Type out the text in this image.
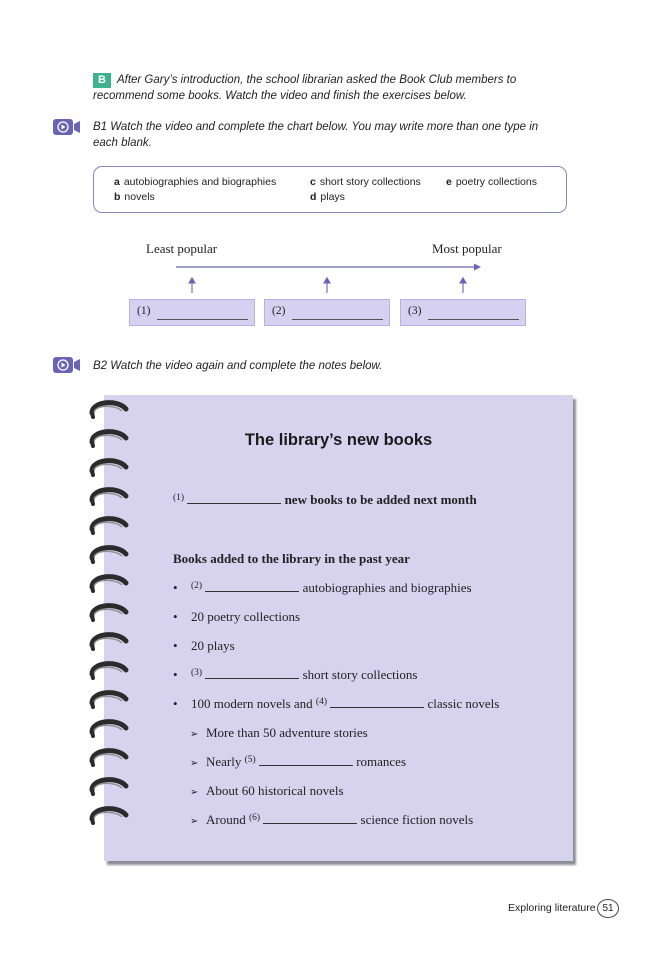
B After Gary’s introduction, the school librarian asked the Book Club members to
recommend some books. Watch the video and finish the exercises below.
B1 Watch the video and complete the chart below. You may write more than one type in
each blank.
a autobiographies and biographies
b novels
c short story collections
d plays
e poetry collections
Least popular	Most popular
(1)	(2)	(3)
B2 Watch the video again and complete the notes below.
The library’s new books
$^{(1)}$	new books to be added next month
Books added to the library in the past year
• $^{(2)}$	autobiographies and biographies
• 20 poetry collections
• 20 plays
• $^{(3)}$	short story collections
• 100 modern novels and $^{(4)}$	classic novels
➢ More than 50 adventure stories
➢ Nearly $^{(5)}$	romances
➢ About 60 historical novels
➢ Around $^{(6)}$	science fiction novels
Exploring literature 51
